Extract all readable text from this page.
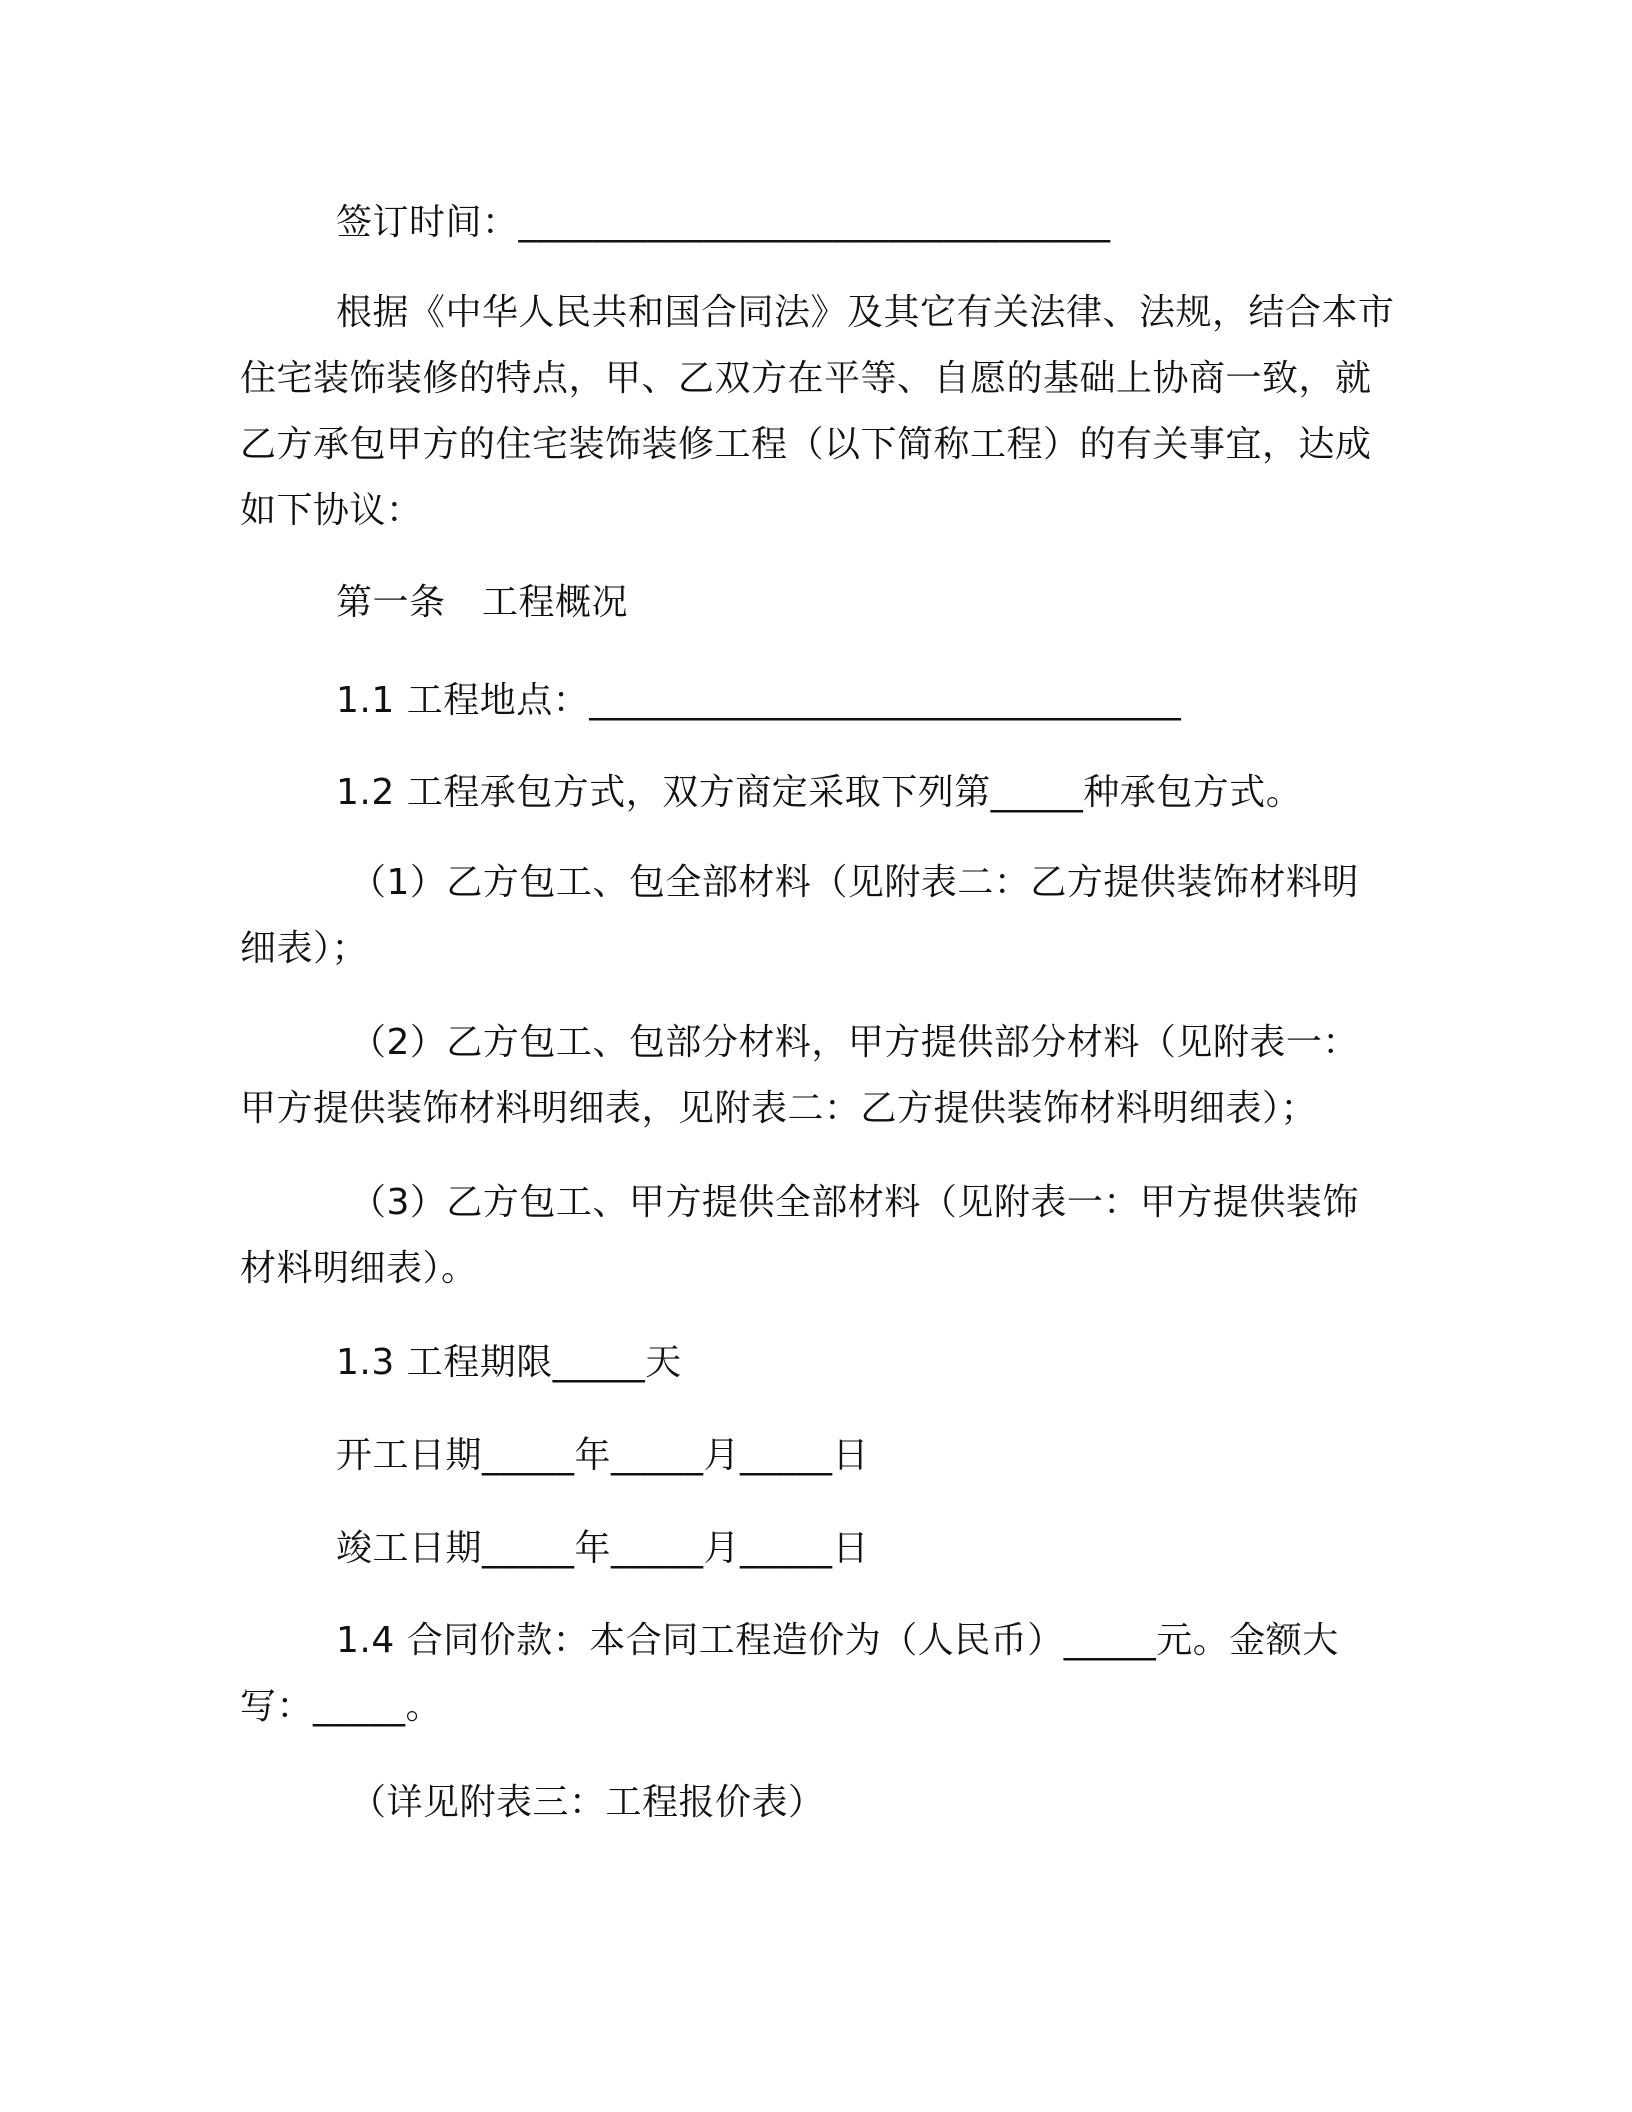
签订时间：________________________________
根据《中华人民共和国合同法》及其它有关法律、法规，结合本市住宅装饰装修的特点，甲、乙双方在平等、自愿的基础上协商一致，就乙方承包甲方的住宅装饰装修工程（以下简称工程）的有关事宜，达成如下协议：
第一条　工程概况
1.1 工程地点：________________________________
1.2 工程承包方式，双方商定采取下列第_____种承包方式。
（1）乙方包工、包全部材料（见附表二：乙方提供装饰材料明细表）；
（2）乙方包工、包部分材料，甲方提供部分材料（见附表一：甲方提供装饰材料明细表，见附表二：乙方提供装饰材料明细表）；
（3）乙方包工、甲方提供全部材料（见附表一：甲方提供装饰材料明细表）。
1.3 工程期限_____天
开工日期_____年_____月_____日
竣工日期_____年_____月_____日
1.4 合同价款：本合同工程造价为（人民币）_____元。金额大写：_____。
（详见附表三：工程报价表）
